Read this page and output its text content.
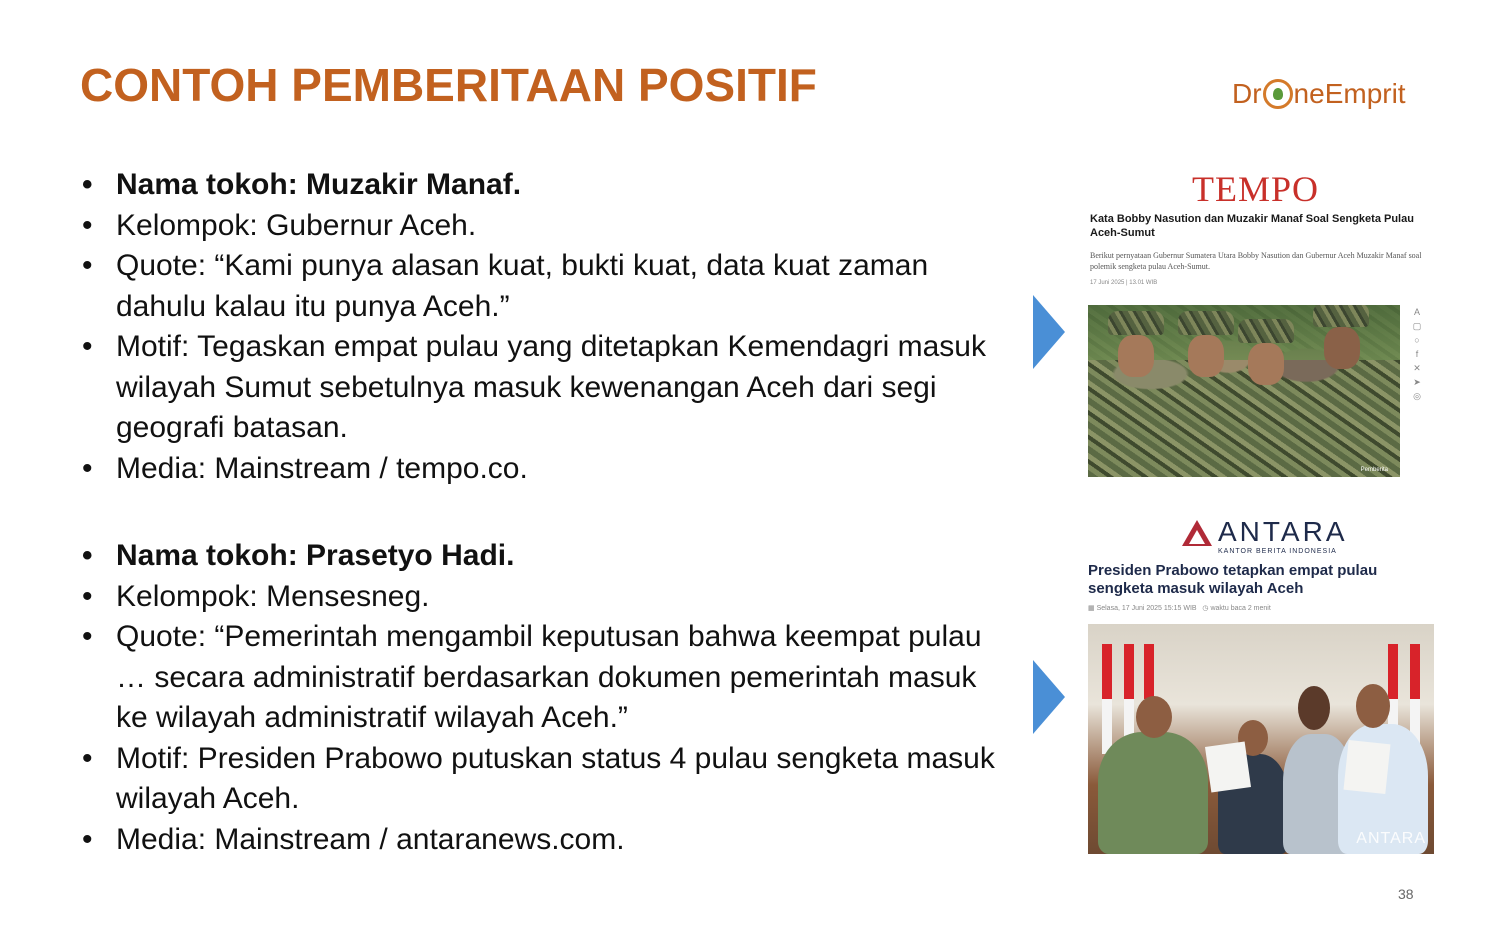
CONTOH PEMBERITAAN POSITIF	Dr neEmprit
• Nama tokoh: Muzakir Manaf.
• Kelompok: Gubernur Aceh.
• Quote: “Kami punya alasan kuat, bukti kuat, data kuat zaman dahulu kalau itu punya Aceh.”
• Motif: Tegaskan empat pulau yang ditetapkan Kemendagri masuk wilayah Sumut sebetulnya masuk kewenangan Aceh dari segi geografi batasan.
• Media: Mainstream / tempo.co.
• Nama tokoh: Prasetyo Hadi.
• Kelompok: Mensesneg.
• Quote: “Pemerintah mengambil keputusan bahwa keempat pulau … secara administratif berdasarkan dokumen pemerintah masuk ke wilayah administratif wilayah Aceh.”
• Motif: Presiden Prabowo putuskan status 4 pulau sengketa masuk wilayah Aceh.
• Media: Mainstream / antaranews.com.
TEMPO
Kata Bobby Nasution dan Muzakir Manaf Soal Sengketa Pulau Aceh-Sumut
Berikut pernyataan Gubernur Sumatera Utara Bobby Nasution dan Gubernur Aceh Muzakir Manaf soal polemik sengketa pulau Aceh-Sumut.
17 Juni 2025 | 13.01 WIB
Pemberita
A
▢
○
f
✕
➤
◎
ANTARA
KANTOR BERITA INDONESIA
Presiden Prabowo tetapkan empat pulau sengketa masuk wilayah Aceh
▦ Selasa, 17 Juni 2025 15:15 WIB ◷ waktu baca 2 menit
ANTARA
38
